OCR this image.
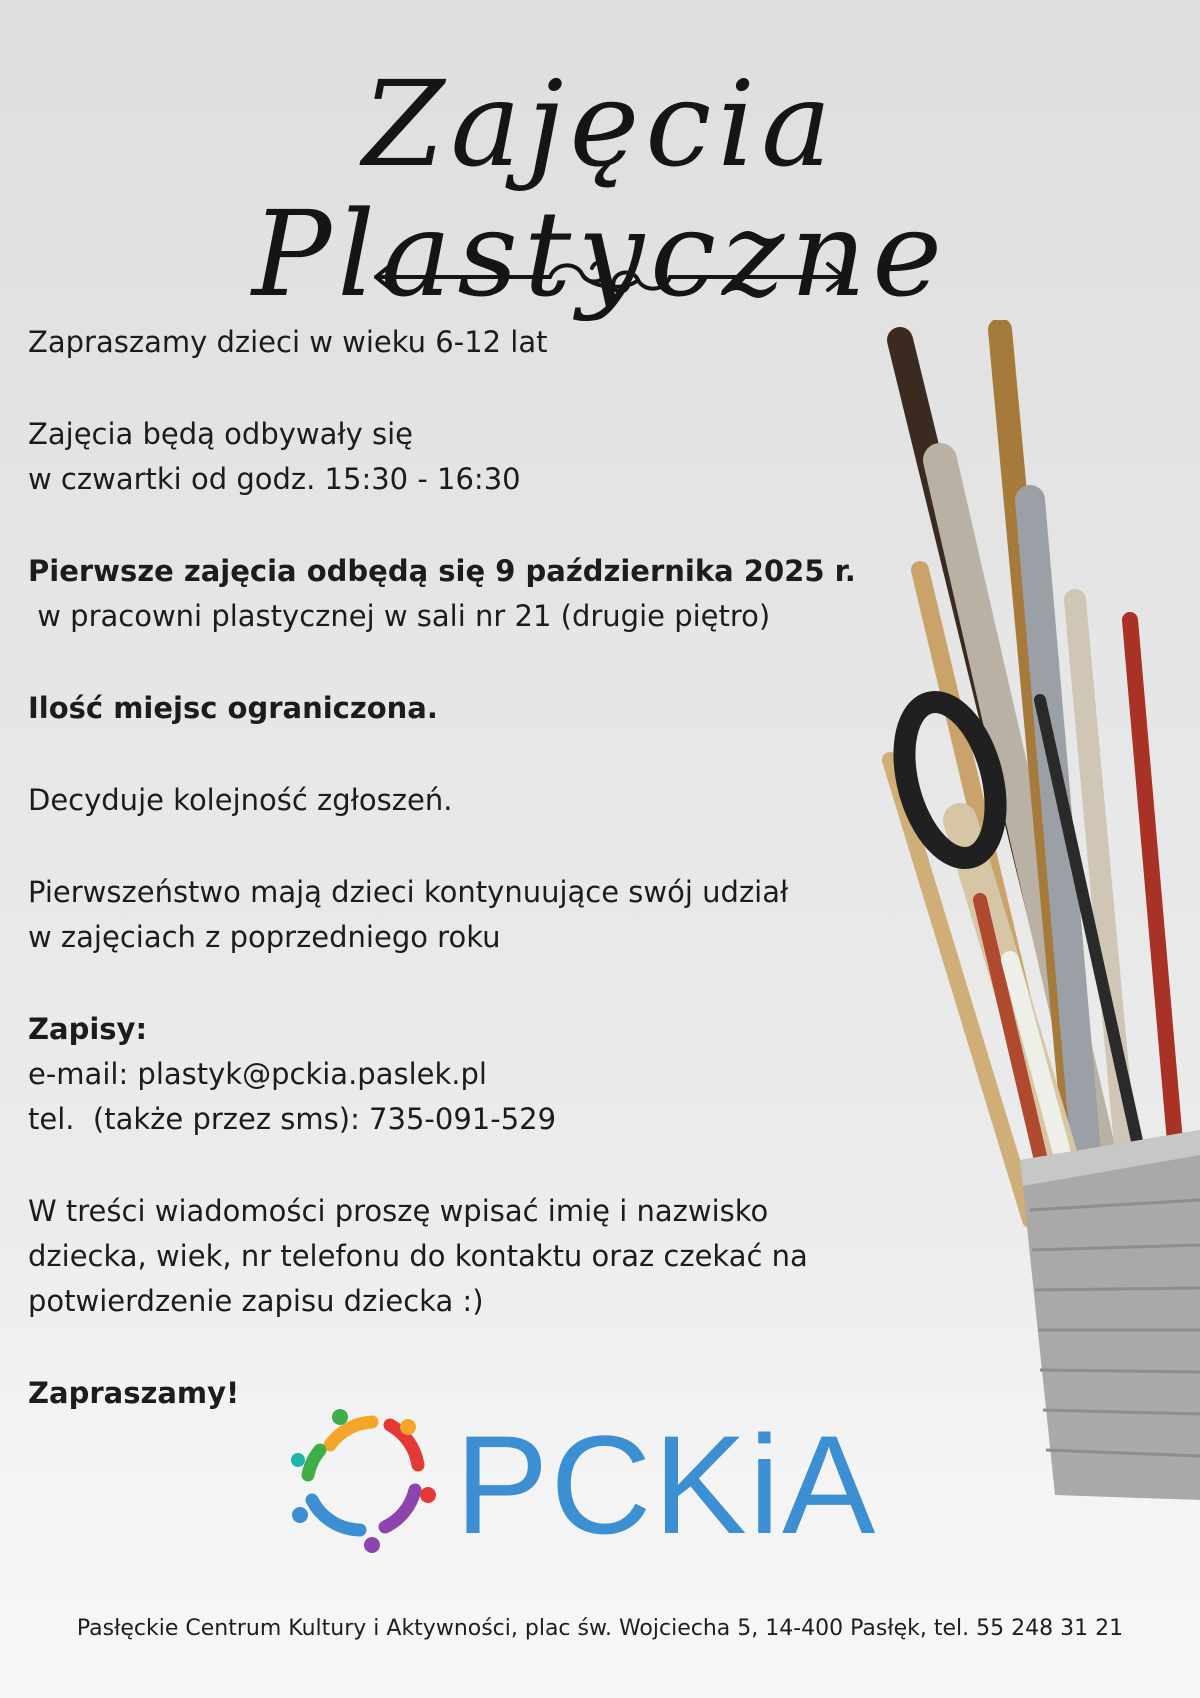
Zajęcia Plastyczne

Zapraszamy dzieci w wieku 6-12 lat

Zajęcia będą odbywały się

w czwartki od godz. 15:30 - 16:30

Pierwsze zajęcia odbędą się 9 października 2025 r.

w pracowni plastycznej w sali nr 21 (drugie piętro)

Ilość miejsc ograniczona.

Decyduje kolejność zgłoszeń.

Pierwszeństwo mają dzieci kontynuujące swój udział

w zajęciach z poprzedniego roku

Zapisy:

e-mail: plastyk@pckia.paslek.pl

tel.  (także przez sms): 735-091-529

W treści wiadomości proszę wpisać imię i nazwisko

dziecka, wiek, nr telefonu do kontaktu oraz czekać na

potwierdzenie zapisu dziecka :)

Zapraszamy!

PCKiA
Pasłęckie Centrum Kultury i Aktywności, plac św. Wojciecha 5, 14-400 Pasłęk, tel. 55 248 31 21
